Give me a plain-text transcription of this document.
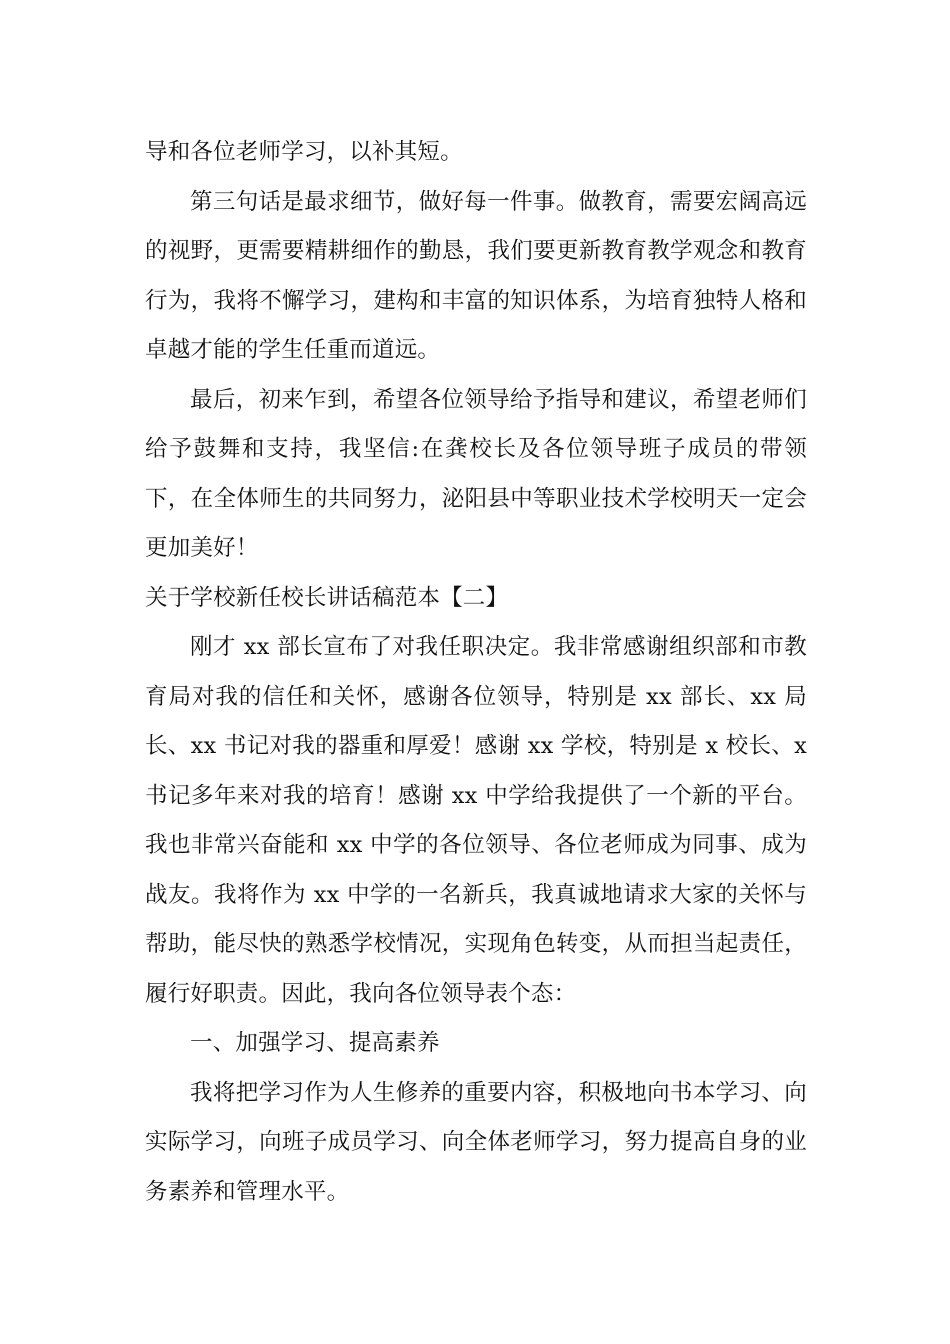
导和各位老师学习，以补其短。

第三句话是最求细节，做好每一件事。做教育，需要宏阔高远的视野，更需要精耕细作的勤恳，我们要更新教育教学观念和教育行为，我将不懈学习，建构和丰富的知识体系，为培育独特人格和卓越才能的学生任重而道远。

最后，初来乍到，希望各位领导给予指导和建议，希望老师们给予鼓舞和支持，我坚信:在龚校长及各位领导班子成员的带领下，在全体师生的共同努力，泌阳县中等职业技术学校明天一定会更加美好！

关于学校新任校长讲话稿范本【二】

刚才 xx 部长宣布了对我任职决定。我非常感谢组织部和市教育局对我的信任和关怀，感谢各位领导，特别是 xx 部长、xx 局长、xx 书记对我的器重和厚爱！感谢 xx 学校，特别是 x 校长、x 书记多年来对我的培育！感谢 xx 中学给我提供了一个新的平台。我也非常兴奋能和 xx 中学的各位领导、各位老师成为同事、成为战友。我将作为 xx 中学的一名新兵，我真诚地请求大家的关怀与帮助，能尽快的熟悉学校情况，实现角色转变，从而担当起责任，履行好职责。因此，我向各位领导表个态：

一、加强学习、提高素养

我将把学习作为人生修养的重要内容，积极地向书本学习、向实际学习，向班子成员学习、向全体老师学习，努力提高自身的业务素养和管理水平。
